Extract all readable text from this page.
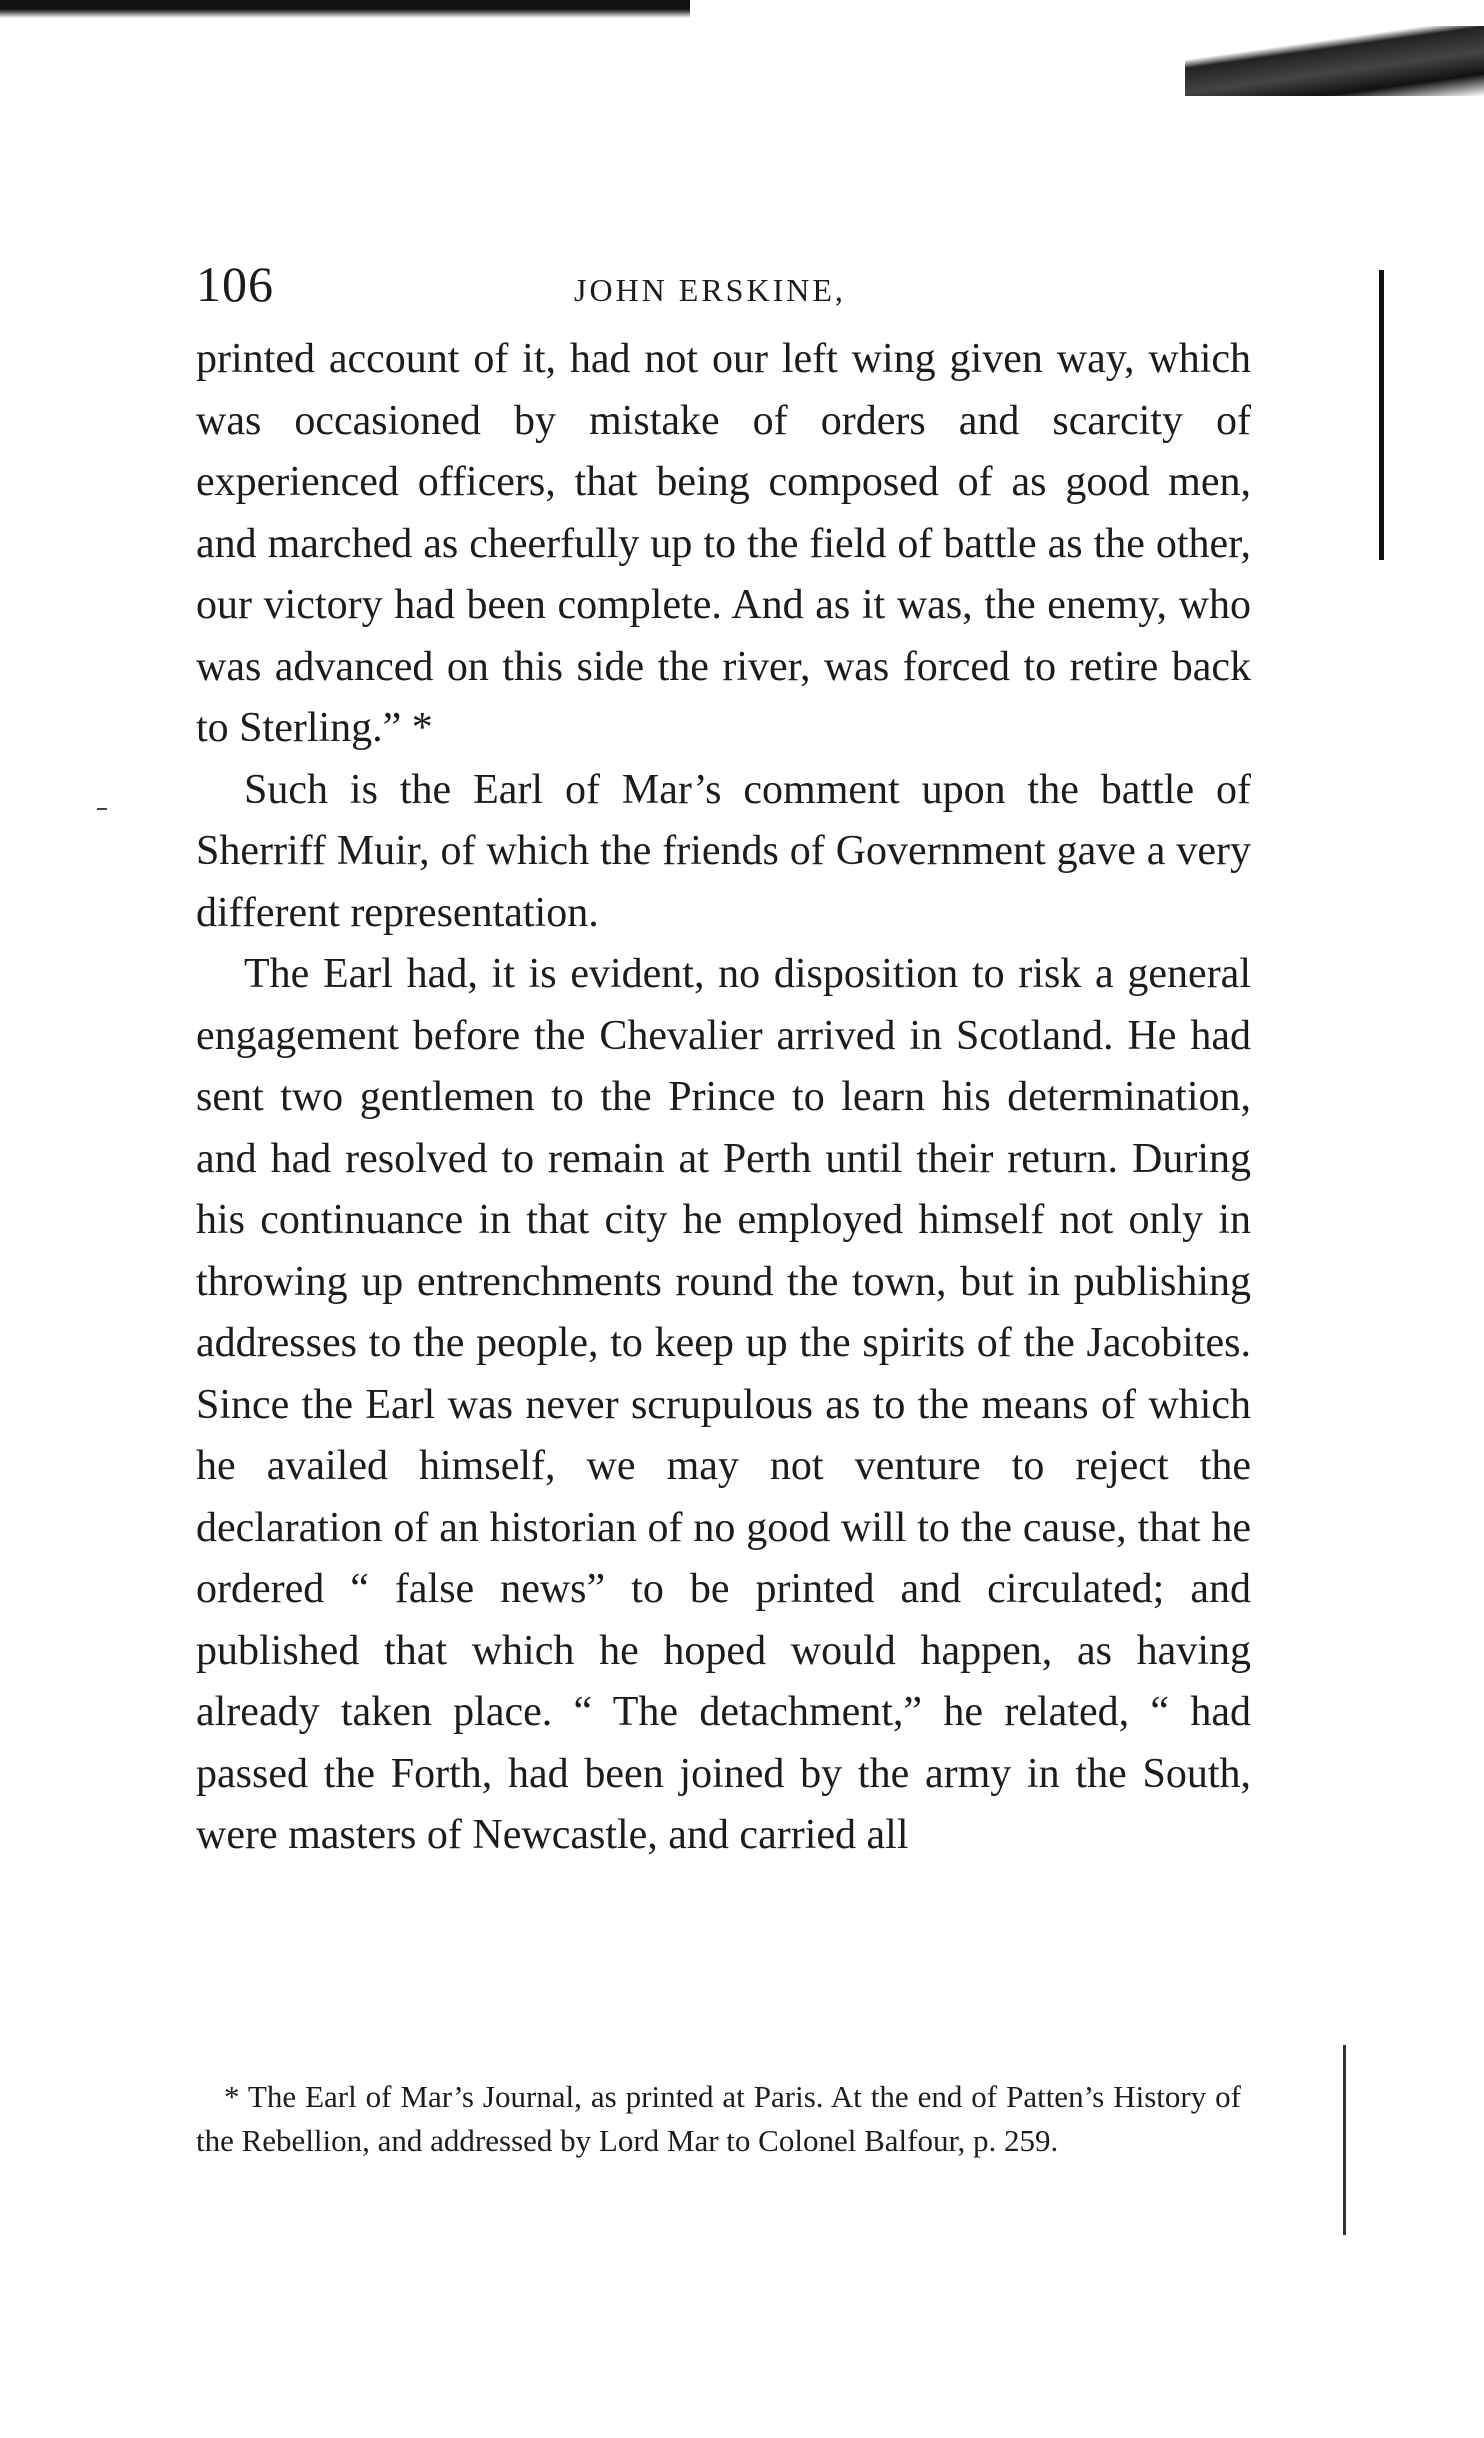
106	JOHN ERSKINE,

printed account of it, had not our left wing given way, which was occasioned by mistake of orders and scarcity of experienced officers, that being composed of as good men, and marched as cheerfully up to the field of battle as the other, our victory had been complete. And as it was, the enemy, who was advanced on this side the river, was forced to retire back to Sterling.” *

Such is the Earl of Mar’s comment upon the battle of Sherriff Muir, of which the friends of Government gave a very different representation.

The Earl had, it is evident, no disposition to risk a general engagement before the Chevalier arrived in Scotland. He had sent two gentlemen to the Prince to learn his determination, and had resolved to remain at Perth until their return. During his continuance in that city he employed himself not only in throwing up entrenchments round the town, but in publishing addresses to the people, to keep up the spirits of the Jacobites. Since the Earl was never scrupulous as to the means of which he availed himself, we may not venture to reject the declaration of an historian of no good will to the cause, that he ordered “ false news” to be printed and circulated; and published that which he hoped would happen, as having already taken place. “ The detachment,” he related, “ had passed the Forth, had been joined by the army in the South, were masters of Newcastle, and carried all

* The Earl of Mar’s Journal, as printed at Paris. At the end of Patten’s History of the Rebellion, and addressed by Lord Mar to Colonel Balfour, p. 259.
